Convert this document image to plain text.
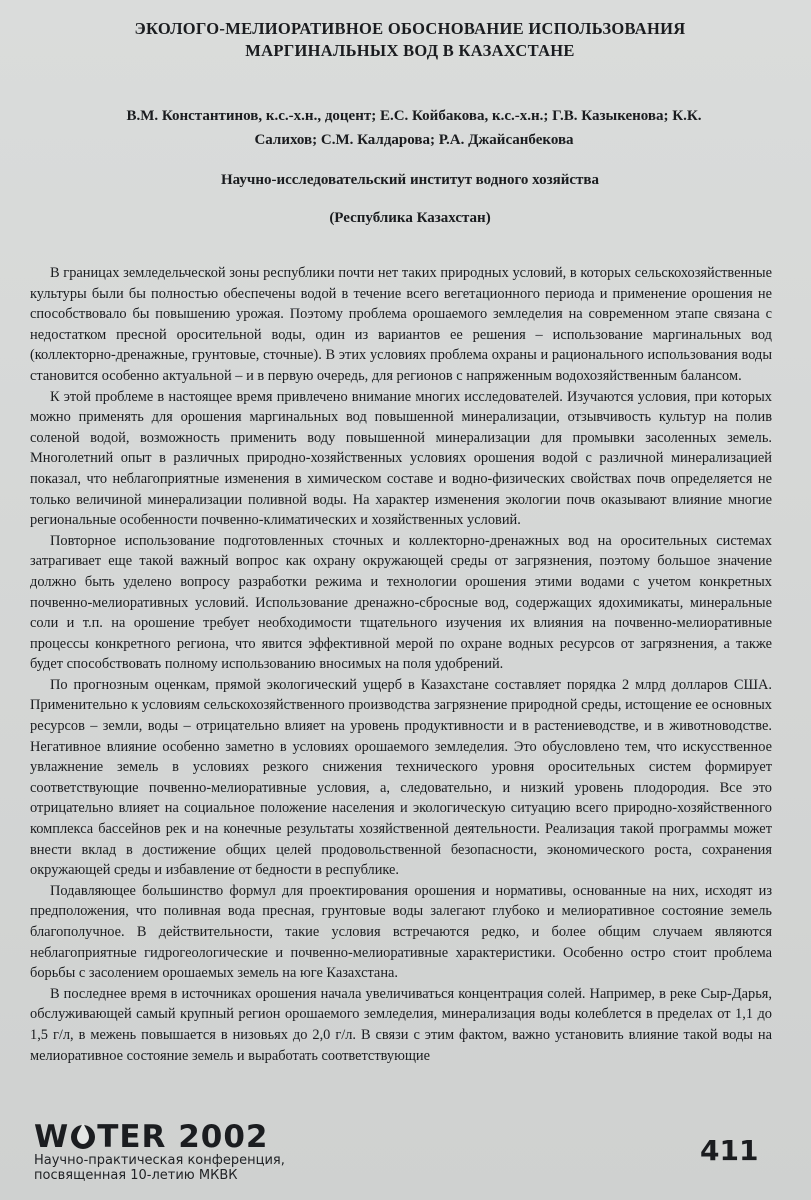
ЭКОЛОГО-МЕЛИОРАТИВНОЕ ОБОСНОВАНИЕ ИСПОЛЬЗОВАНИЯ
МАРГИНАЛЬНЫХ ВОД В КАЗАХСТАНЕ
В.М. Константинов, к.с.-х.н., доцент; Е.С. Койбакова, к.с.-х.н.; Г.В. Казыкенова; К.К.
Салихов; С.М. Калдарова; Р.А. Джайсанбекова
Научно-исследовательский институт водного хозяйства
(Республика Казахстан)

В границах земледельческой зоны республики почти нет таких природных условий, в которых сельскохозяйственные культуры были бы полностью обеспечены водой в течение всего вегетационного периода и применение орошения не способствовало бы повышению урожая. Поэтому проблема орошаемого земледелия на современном этапе связана с недостатком пресной оросительной воды, один из вариантов ее решения – использование маргинальных вод (коллекторно-дренажные, грунтовые, сточные). В этих условиях проблема охраны и рационального использования воды становится особенно актуальной – и в первую очередь, для регионов с напряженным водохозяйственным балансом.

К этой проблеме в настоящее время привлечено внимание многих исследователей. Изучаются условия, при которых можно применять для орошения маргинальных вод повышенной минерализации, отзывчивость культур на полив соленой водой, возможность применить воду повышенной минерализации для промывки засоленных земель. Многолетний опыт в различных природно-хозяйственных условиях орошения водой с различной минерализацией показал, что неблагоприятные изменения в химическом составе и водно-физических свойствах почв определяется не только величиной минерализации поливной воды. На характер изменения экологии почв оказывают влияние многие региональные особенности почвенно-климатических и хозяйственных условий.

Повторное использование подготовленных сточных и коллекторно-дренажных вод на оросительных системах затрагивает еще такой важный вопрос как охрану окружающей среды от загрязнения, поэтому большое значение должно быть уделено вопросу разработки режима и технологии орошения этими водами с учетом конкретных почвенно-мелиоративных условий. Использование дренажно-сбросные вод, содержащих ядохимикаты, минеральные соли и т.п. на орошение требует необходимости тщательного изучения их влияния на почвенно-мелиоративные процессы конкретного региона, что явится эффективной мерой по охране водных ресурсов от загрязнения, а также будет способствовать полному использованию вносимых на поля удобрений.

По прогнозным оценкам, прямой экологический ущерб в Казахстане составляет порядка 2 млрд долларов США. Применительно к условиям сельскохозяйственного производства загрязнение природной среды, истощение ее основных ресурсов – земли, воды – отрицательно влияет на уровень продуктивности и в растениеводстве, и в животноводстве. Негативное влияние особенно заметно в условиях орошаемого земледелия. Это обусловлено тем, что искусственное увлажнение земель в условиях резкого снижения технического уровня оросительных систем формирует соответствующие почвенно-мелиоративные условия, а, следовательно, и низкий уровень плодородия. Все это отрицательно влияет на социальное положение населения и экологическую ситуацию всего природно-хозяйственного комплекса бассейнов рек и на конечные результаты хозяйственной деятельности. Реализация такой программы может внести вклад в достижение общих целей продовольственной безопасности, экономического роста, сохранения окружающей среды и избавление от бедности в республике.

Подавляющее большинство формул для проектирования орошения и нормативы, основанные на них, исходят из предположения, что поливная вода пресная, грунтовые воды залегают глубоко и мелиоративное состояние земель благополучное. В действительности, такие условия встречаются редко, и более общим случаем являются неблагоприятные гидрогеологические и почвенно-мелиоративные характеристики. Особенно остро стоит проблема борьбы с засолением орошаемых земель на юге Казахстана.

В последнее время в источниках орошения начала увеличиваться концентрация солей. Например, в реке Сыр-Дарья, обслуживающей самый крупный регион орошаемого земледелия, минерализация воды колеблется в пределах от 1,1 до 1,5 г/л, в межень повышается в низовьях до 2,0 г/л. В связи с этим фактом, важно установить влияние такой воды на мелиоративное состояние земель и выработать соответствующие

W TER 2002
Научно-практическая конференция,
посвященная 10-летию МКВК
411
